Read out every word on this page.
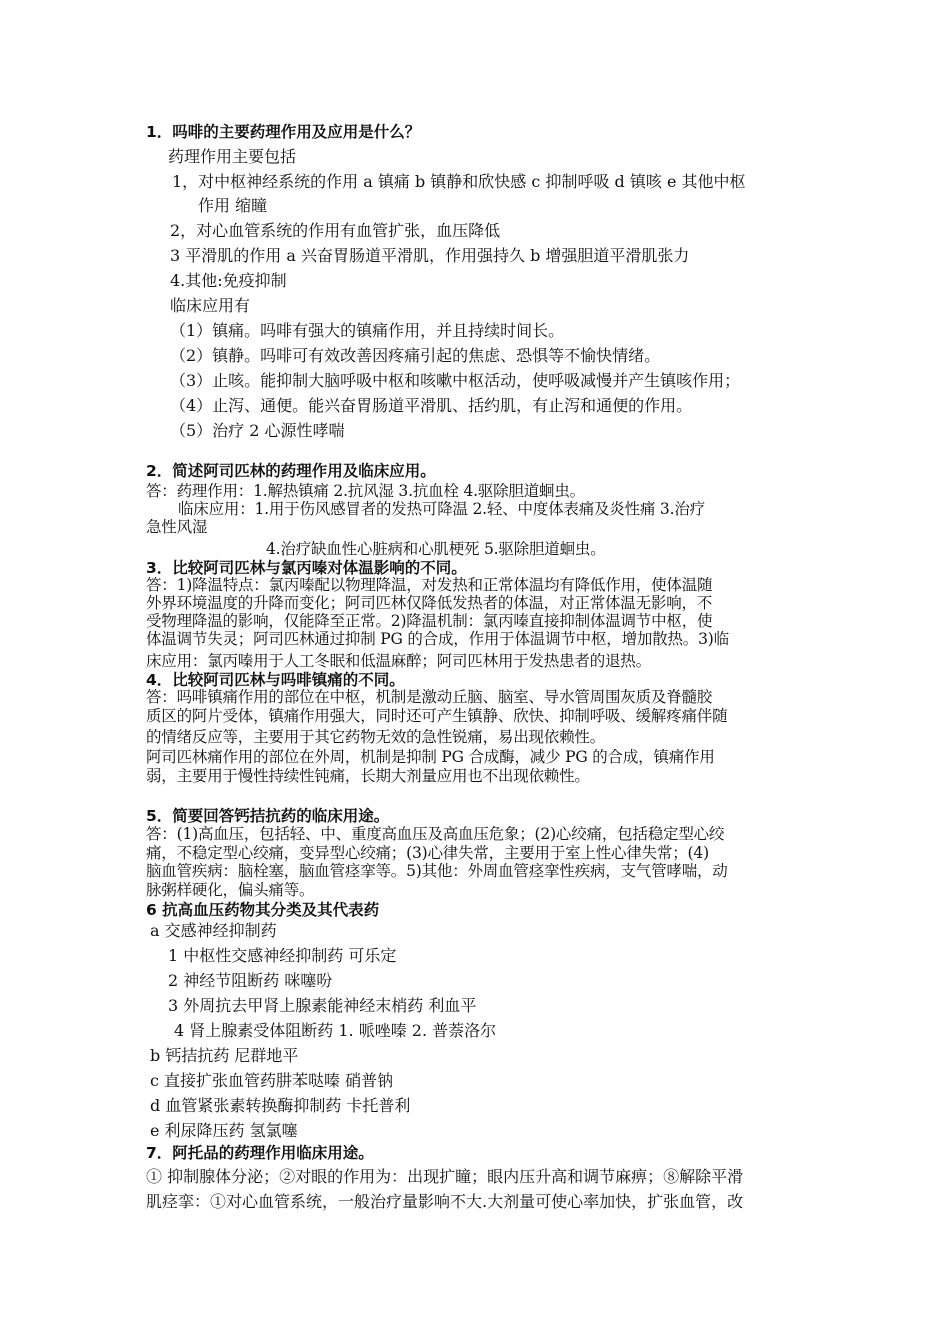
1．吗啡的主要药理作用及应用是什么？
药理作用主要包括
1，对中枢神经系统的作用 a 镇痛 b 镇静和欣快感 c 抑制呼吸 d 镇咳 e 其他中枢
作用 缩瞳
2，对心血管系统的作用有血管扩张，血压降低
3 平滑肌的作用 a 兴奋胃肠道平滑肌，作用强持久 b 增强胆道平滑肌张力
4.其他:免疫抑制
临床应用有
（1）镇痛。吗啡有强大的镇痛作用，并且持续时间长。
（2）镇静。吗啡可有效改善因疼痛引起的焦虑、恐惧等不愉快情绪。
（3）止咳。能抑制大脑呼吸中枢和咳嗽中枢活动，使呼吸减慢并产生镇咳作用；
（4）止泻、通便。能兴奋胃肠道平滑肌、括约肌，有止泻和通便的作用。
（5）治疗 2 心源性哮喘
2．简述阿司匹林的药理作用及临床应用。
答：药理作用：1.解热镇痛 2.抗风湿 3.抗血栓 4.驱除胆道蛔虫。
临床应用：1.用于伤风感冒者的发热可降温 2.轻、中度体表痛及炎性痛 3.治疗
急性风湿
4.治疗缺血性心脏病和心肌梗死 5.驱除胆道蛔虫。
3．比较阿司匹林与氯丙嗪对体温影响的不同。
答：1)降温特点：氯丙嗪配以物理降温，对发热和正常体温均有降低作用，使体温随
外界环境温度的升降而变化；阿司匹林仅降低发热者的体温，对正常体温无影响，不
受物理降温的影响，仅能降至正常。2)降温机制：氯丙嗪直接抑制体温调节中枢，使
体温调节失灵；阿司匹林通过抑制 PG 的合成，作用于体温调节中枢，增加散热。3)临
床应用：氯丙嗪用于人工冬眠和低温麻醉；阿司匹林用于发热患者的退热。
4．比较阿司匹林与吗啡镇痛的不同。
答：吗啡镇痛作用的部位在中枢，机制是激动丘脑、脑室、导水管周围灰质及脊髓胶
质区的阿片受体，镇痛作用强大，同时还可产生镇静、欣快、抑制呼吸、缓解疼痛伴随
的情绪反应等，主要用于其它药物无效的急性锐痛，易出现依赖性。
阿司匹林痛作用的部位在外周，机制是抑制 PG 合成酶，减少 PG 的合成，镇痛作用
弱，主要用于慢性持续性钝痛，长期大剂量应用也不出现依赖性。
5．简要回答钙拮抗药的临床用途。
答：(1)高血压，包括轻、中、重度高血压及高血压危象；(2)心绞痛，包括稳定型心绞
痛，不稳定型心绞痛，变异型心绞痛；(3)心律失常，主要用于室上性心律失常；(4)
脑血管疾病：脑栓塞，脑血管痉挛等。5)其他：外周血管痉挛性疾病，支气管哮喘，动
脉粥样硬化，偏头痛等。
6 抗高血压药物其分类及其代表药
a 交感神经抑制药
1 中枢性交感神经抑制药 可乐定
2 神经节阻断药 咪噻吩
3 外周抗去甲肾上腺素能神经末梢药 利血平
4 肾上腺素受体阻断药 1. 哌唑嗪 2. 普萘洛尔
b 钙拮抗药 尼群地平
c 直接扩张血管药肼苯哒嗪 硝普钠
d 血管紧张素转换酶抑制药 卡托普利
e 利尿降压药 氢氯噻
7．阿托品的药理作用临床用途。
① 抑制腺体分泌；②对眼的作用为：出现扩瞳；眼内压升高和调节麻痹；⑧解除平滑
肌痉挛：①对心血管系统，一般治疗量影响不大.大剂量可使心率加快，扩张血管，改
